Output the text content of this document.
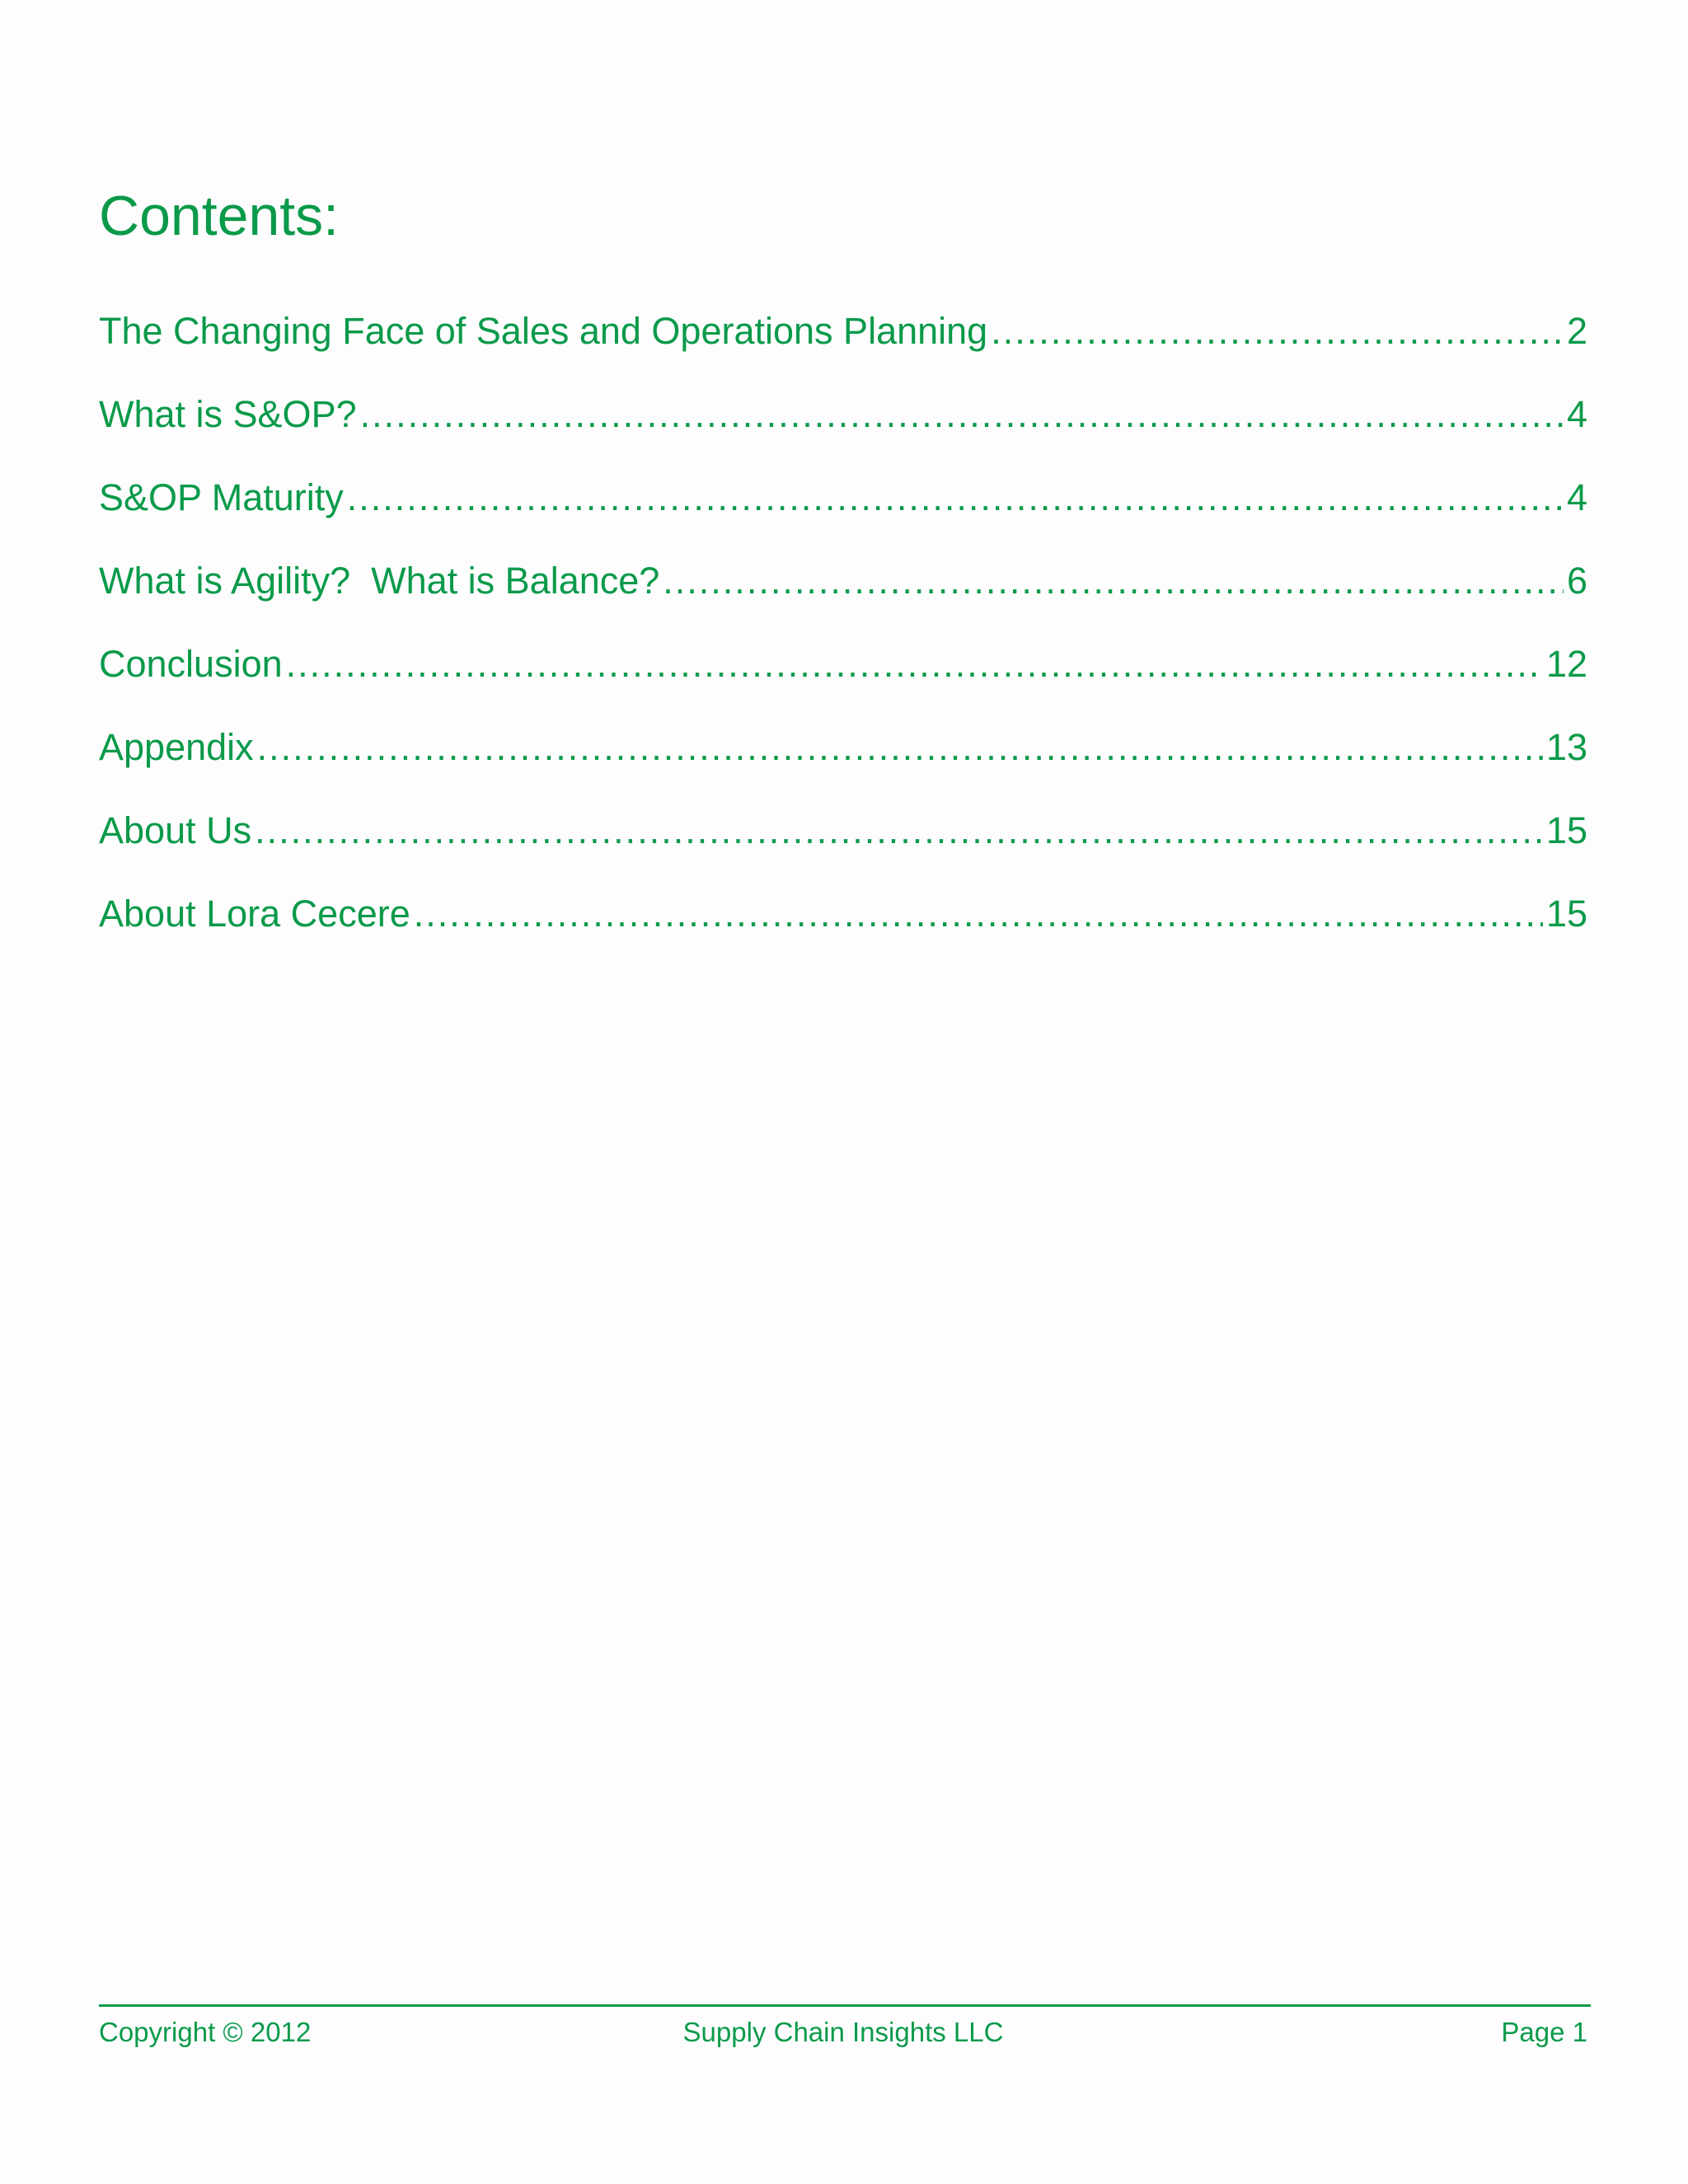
Contents:
The Changing Face of Sales and Operations Planning .....	2
What is S&OP? .....	4
S&OP Maturity .....	4
What is Agility?  What is Balance? .....	6
Conclusion .....	12
Appendix .....	13
About Us .....	15
About Lora Cecere .....	15
Copyright © 2012	Supply Chain Insights LLC	Page 1
